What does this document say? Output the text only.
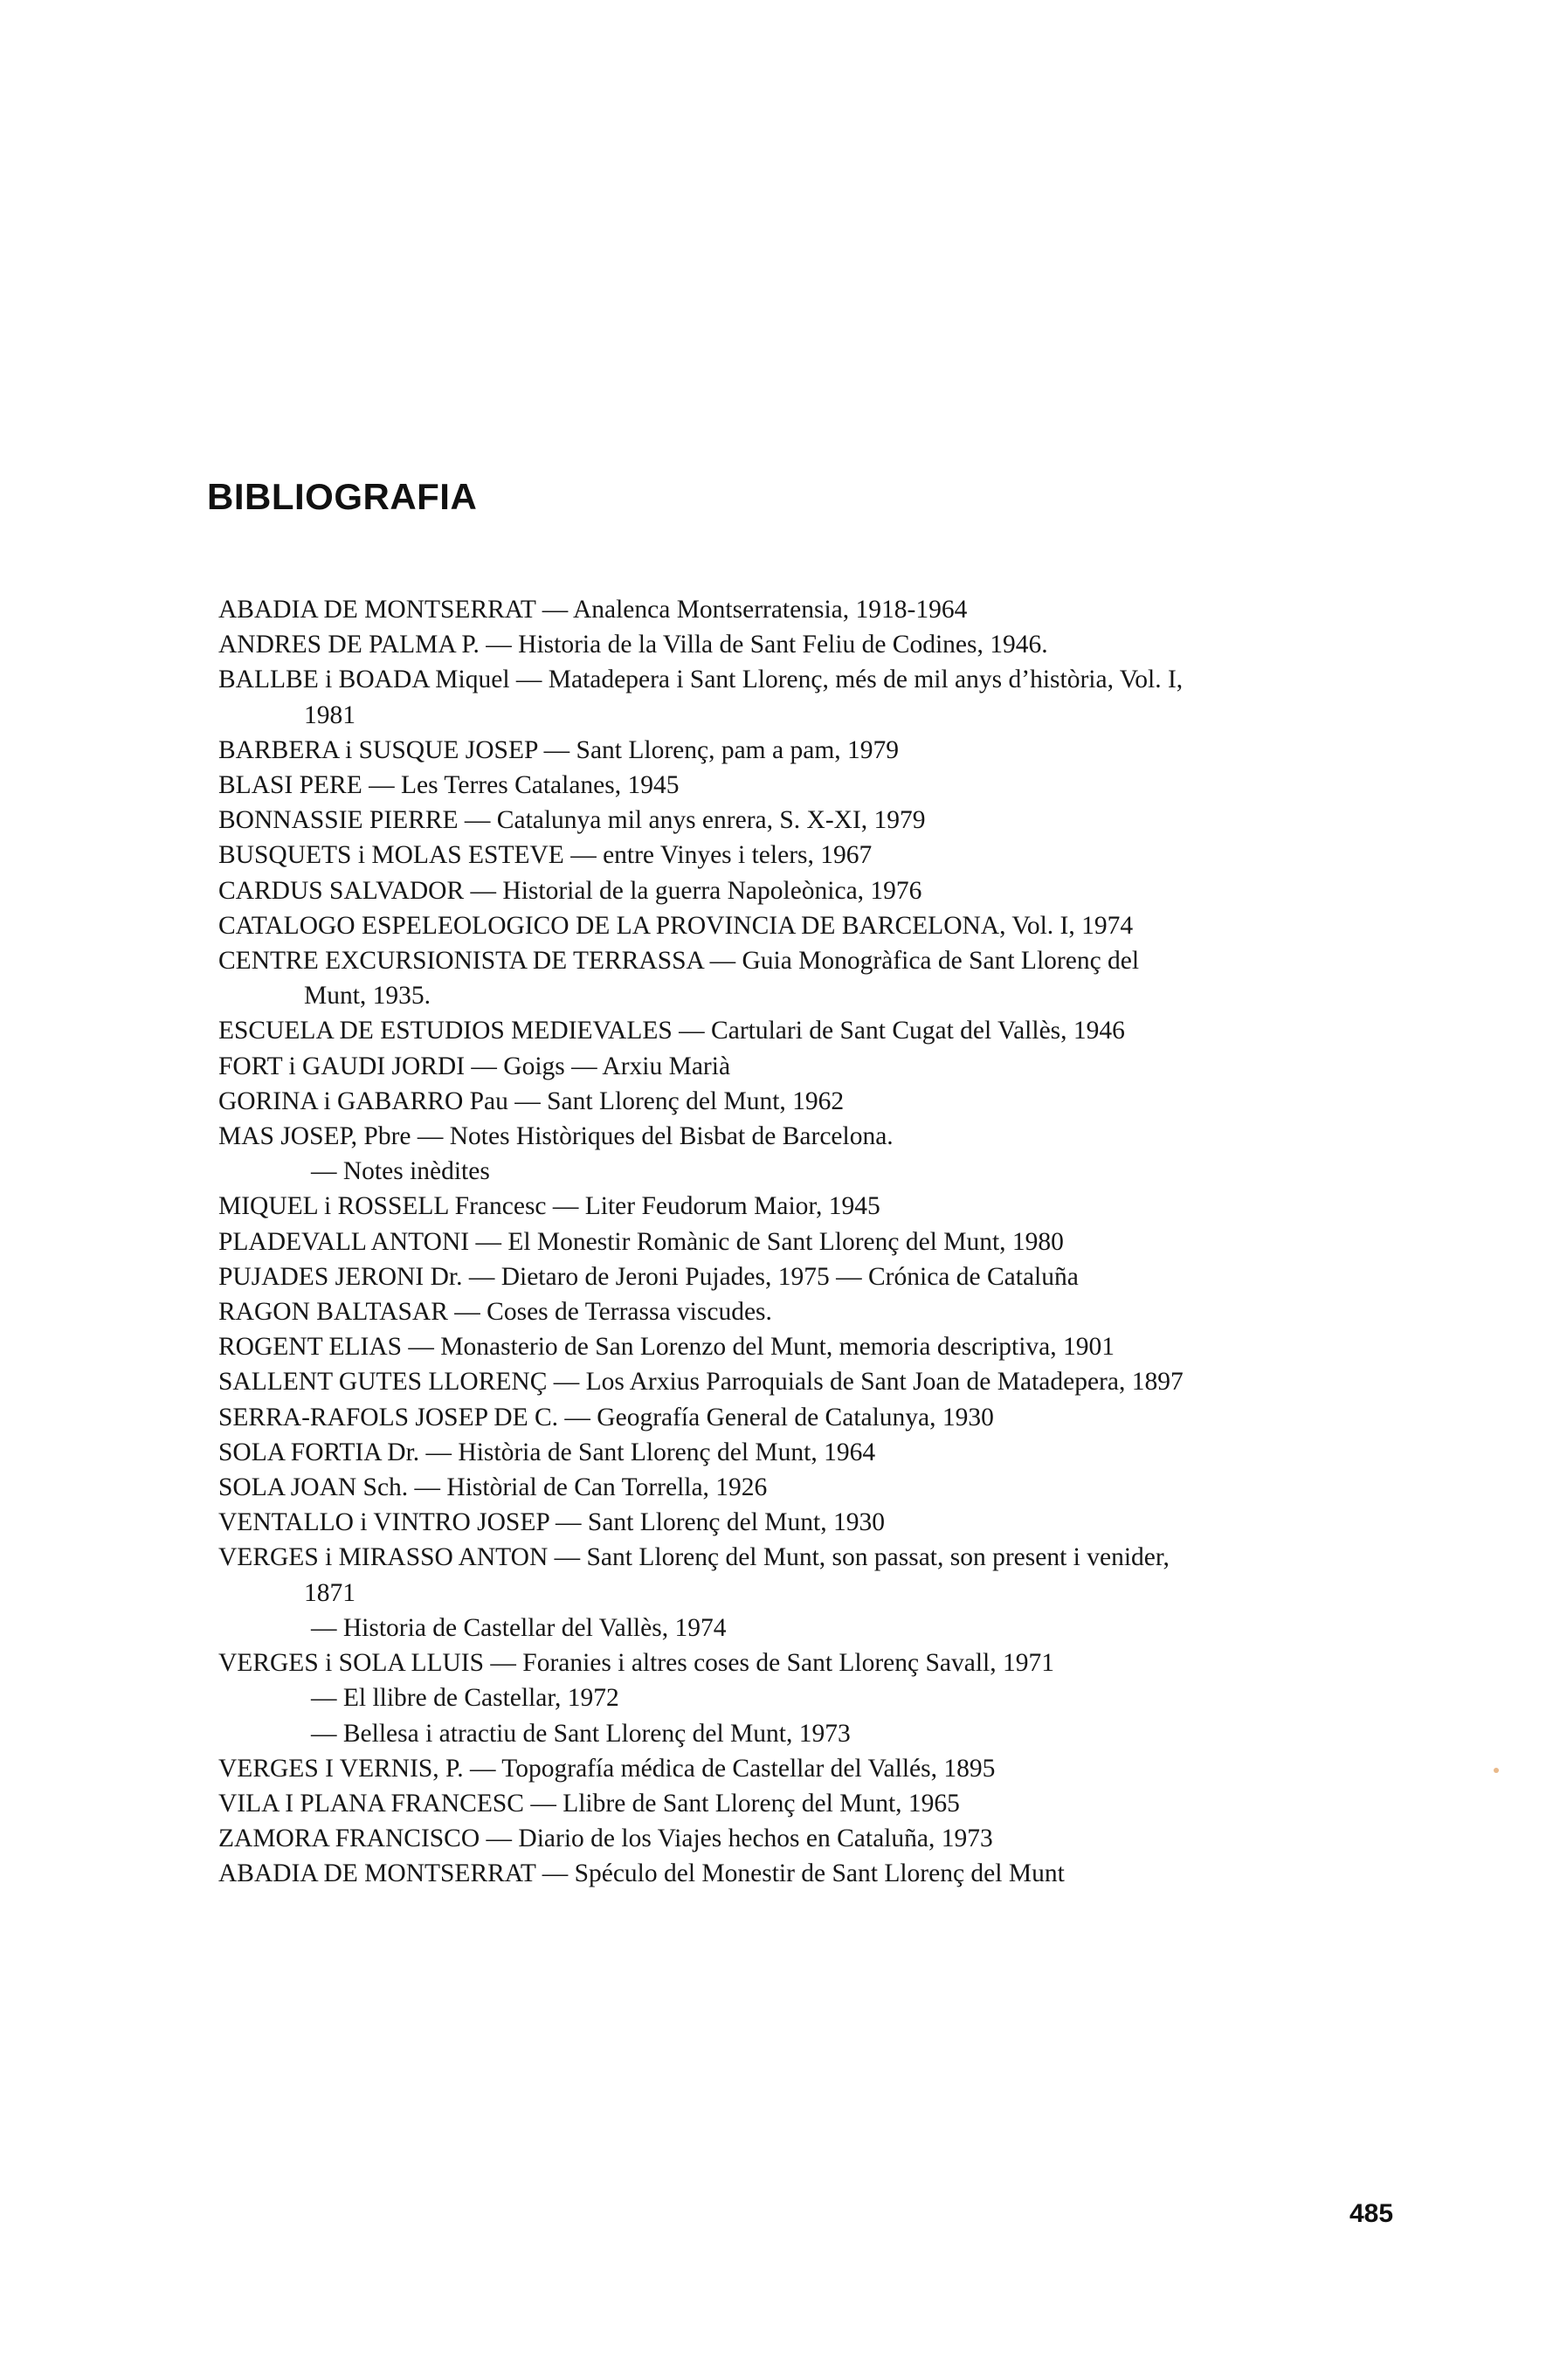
BIBLIOGRAFIA
ABADIA DE MONTSERRAT — Analenca Montserratensia, 1918-1964
ANDRES DE PALMA P. — Historia de la Villa de Sant Feliu de Codines, 1946.
BALLBE i BOADA Miquel — Matadepera i Sant Llorenç, més de mil anys d’història, Vol. I,
1981
BARBERA i SUSQUE JOSEP — Sant Llorenç, pam a pam, 1979
BLASI PERE — Les Terres Catalanes, 1945
BONNASSIE PIERRE — Catalunya mil anys enrera, S. X-XI, 1979
BUSQUETS i MOLAS ESTEVE — entre Vinyes i telers, 1967
CARDUS SALVADOR — Historial de la guerra Napoleònica, 1976
CATALOGO ESPELEOLOGICO DE LA PROVINCIA DE BARCELONA, Vol. I, 1974
CENTRE EXCURSIONISTA DE TERRASSA — Guia Monogràfica de Sant Llorenç del
Munt, 1935.
ESCUELA DE ESTUDIOS MEDIEVALES — Cartulari de Sant Cugat del Vallès, 1946
FORT i GAUDI JORDI — Goigs — Arxiu Marià
GORINA i GABARRO Pau — Sant Llorenç del Munt, 1962
MAS JOSEP, Pbre — Notes Històriques del Bisbat de Barcelona.
— Notes inèdites
MIQUEL i ROSSELL Francesc — Liter Feudorum Maior, 1945
PLADEVALL ANTONI — El Monestir Romànic de Sant Llorenç del Munt, 1980
PUJADES JERONI Dr. — Dietaro de Jeroni Pujades, 1975 — Crónica de Cataluña
RAGON BALTASAR — Coses de Terrassa viscudes.
ROGENT ELIAS — Monasterio de San Lorenzo del Munt, memoria descriptiva, 1901
SALLENT GUTES LLORENÇ — Los Arxius Parroquials de Sant Joan de Matadepera, 1897
SERRA-RAFOLS JOSEP DE C. — Geografía General de Catalunya, 1930
SOLA FORTIA Dr. — Història de Sant Llorenç del Munt, 1964
SOLA JOAN Sch. — Històrial de Can Torrella, 1926
VENTALLO i VINTRO JOSEP — Sant Llorenç del Munt, 1930
VERGES i MIRASSO ANTON — Sant Llorenç del Munt, son passat, son present i venider,
1871
— Historia de Castellar del Vallès, 1974
VERGES i SOLA LLUIS — Foranies i altres coses de Sant Llorenç Savall, 1971
— El llibre de Castellar, 1972
— Bellesa i atractiu de Sant Llorenç del Munt, 1973
VERGES I VERNIS, P. — Topografía médica de Castellar del Vallés, 1895
VILA I PLANA FRANCESC — Llibre de Sant Llorenç del Munt, 1965
ZAMORA FRANCISCO — Diario de los Viajes hechos en Cataluña, 1973
ABADIA DE MONTSERRAT — Spéculo del Monestir de Sant Llorenç del Munt
485
